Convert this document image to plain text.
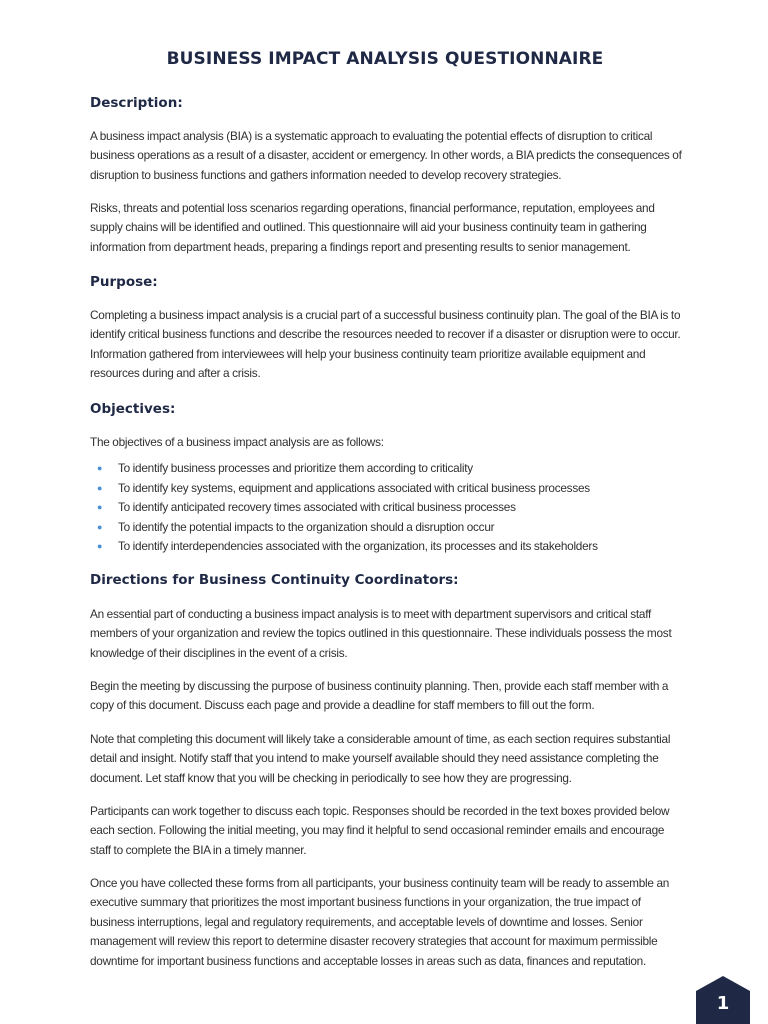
BUSINESS IMPACT ANALYSIS QUESTIONNAIRE
Description:

A business impact analysis (BIA) is a systematic approach to evaluating the potential effects of disruption to critical business operations as a result of a disaster, accident or emergency. In other words, a BIA predicts the consequences of disruption to business functions and gathers information needed to develop recovery strategies.

Risks, threats and potential loss scenarios regarding operations, financial performance, reputation, employees and supply chains will be identified and outlined. This questionnaire will aid your business continuity team in gathering information from department heads, preparing a findings report and presenting results to senior management.

Purpose:

Completing a business impact analysis is a crucial part of a successful business continuity plan. The goal of the BIA is to identify critical business functions and describe the resources needed to recover if a disaster or disruption were to occur. Information gathered from interviewees will help your business continuity team prioritize available equipment and resources during and after a crisis.

Objectives:

The objectives of a business impact analysis are as follows:

● To identify business processes and prioritize them according to criticality
● To identify key systems, equipment and applications associated with critical business processes
● To identify anticipated recovery times associated with critical business processes
● To identify the potential impacts to the organization should a disruption occur
● To identify interdependencies associated with the organization, its processes and its stakeholders
Directions for Business Continuity Coordinators:

An essential part of conducting a business impact analysis is to meet with department supervisors and critical staff members of your organization and review the topics outlined in this questionnaire. These individuals possess the most knowledge of their disciplines in the event of a crisis.

Begin the meeting by discussing the purpose of business continuity planning. Then, provide each staff member with a copy of this document. Discuss each page and provide a deadline for staff members to fill out the form.

Note that completing this document will likely take a considerable amount of time, as each section requires substantial detail and insight. Notify staff that you intend to make yourself available should they need assistance completing the document. Let staff know that you will be checking in periodically to see how they are progressing.

Participants can work together to discuss each topic. Responses should be recorded in the text boxes provided below each section. Following the initial meeting, you may find it helpful to send occasional reminder emails and encourage staff to complete the BIA in a timely manner.

Once you have collected these forms from all participants, your business continuity team will be ready to assemble an executive summary that prioritizes the most important business functions in your organization, the true impact of business interruptions, legal and regulatory requirements, and acceptable levels of downtime and losses. Senior management will review this report to determine disaster recovery strategies that account for maximum permissible downtime for important business functions and acceptable losses in areas such as data, finances and reputation.

1
